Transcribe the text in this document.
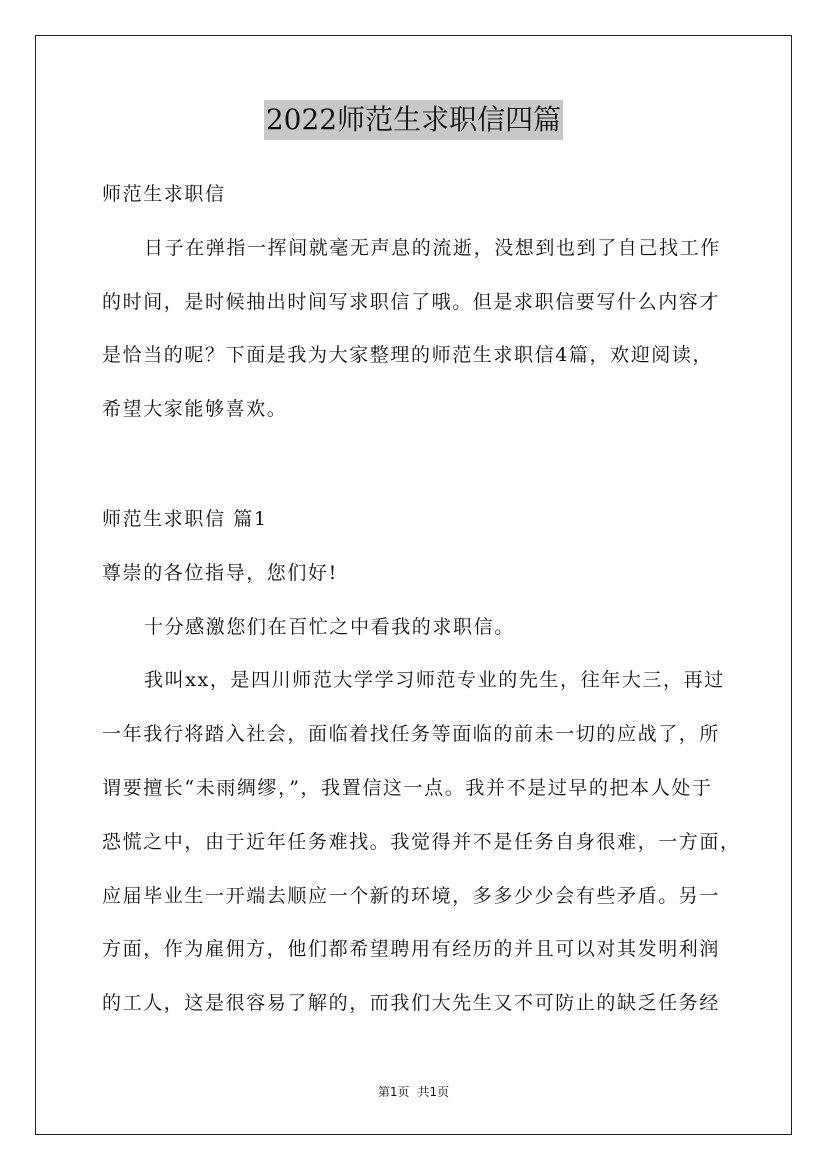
2022师范生求职信四篇
师范生求职信
日子在弹指一挥间就毫无声息的流逝，没想到也到了自己找工作
的时间，是时候抽出时间写求职信了哦。但是求职信要写什么内容才
是恰当的呢？下面是我为大家整理的师范生求职信4篇，欢迎阅读，
希望大家能够喜欢。
师范生求职信 篇1
尊崇的各位指导，您们好!
十分感激您们在百忙之中看我的求职信。
我叫xx，是四川师范大学学习师范专业的先生，往年大三，再过
一年我行将踏入社会，面临着找任务等面临的前未一切的应战了，所
谓要擅长“未雨绸缪，”，我置信这一点。我并不是过早的把本人处于
恐慌之中，由于近年任务难找。我觉得并不是任务自身很难，一方面，
应届毕业生一开端去顺应一个新的环境，多多少少会有些矛盾。另一
方面，作为雇佣方，他们都希望聘用有经历的并且可以对其发明利润
的工人，这是很容易了解的，而我们大先生又不可防止的缺乏任务经
第1页 共1页
